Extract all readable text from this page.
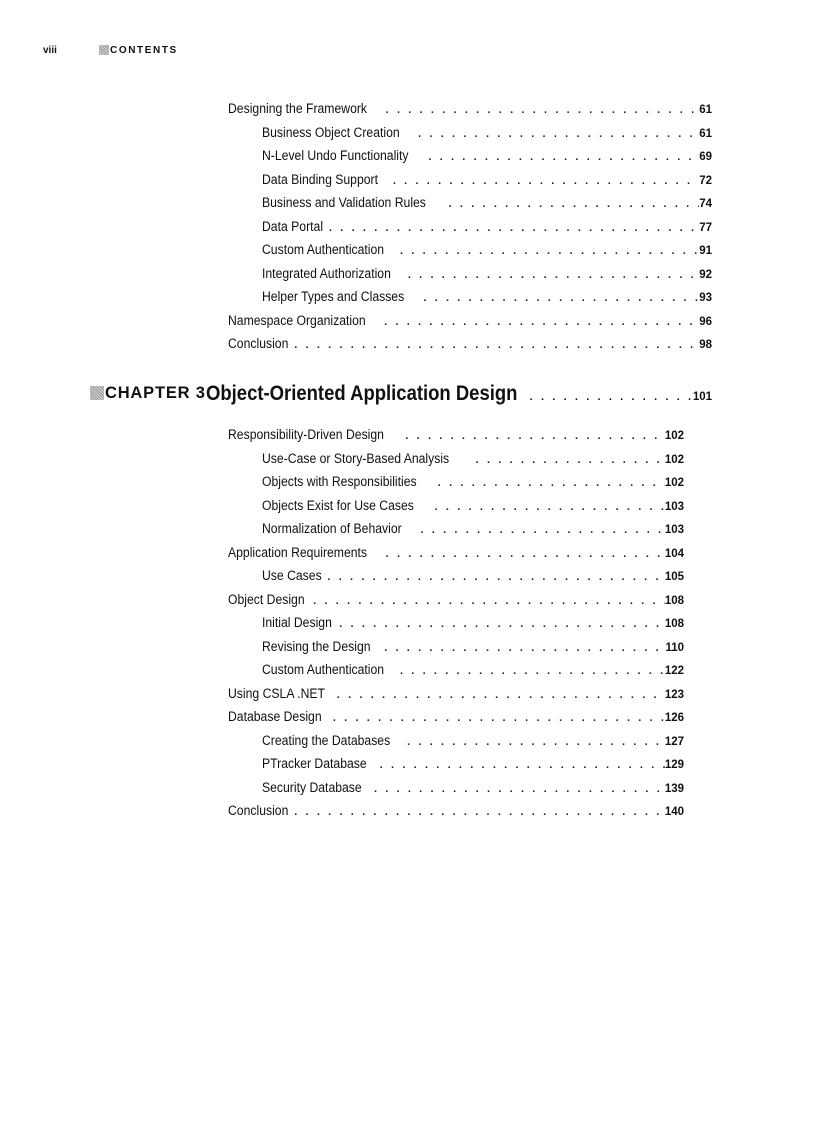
viii	CONTENTS
Designing the Framework . . .	61
Business Object Creation . . .	61
N-Level Undo Functionality . . .	69
Data Binding Support . . .	72
Business and Validation Rules . . .	74
Data Portal . . .	77
Custom Authentication . . .	91
Integrated Authorization . . .	92
Helper Types and Classes . . .	93
Namespace Organization . . .	96
Conclusion . . .	98
CHAPTER 3 Object-Oriented Application Design . . .	101
Responsibility-Driven Design . . .	102
Use-Case or Story-Based Analysis . . .	102
Objects with Responsibilities . . .	102
Objects Exist for Use Cases . . .	103
Normalization of Behavior . . .	103
Application Requirements . . .	104
Use Cases . . .	105
Object Design . . .	108
Initial Design . . .	108
Revising the Design . . .	110
Custom Authentication . . .	122
Using CSLA .NET . . .	123
Database Design . . .	126
Creating the Databases . . .	127
PTracker Database . . .	129
Security Database . . .	139
Conclusion . . .	140
